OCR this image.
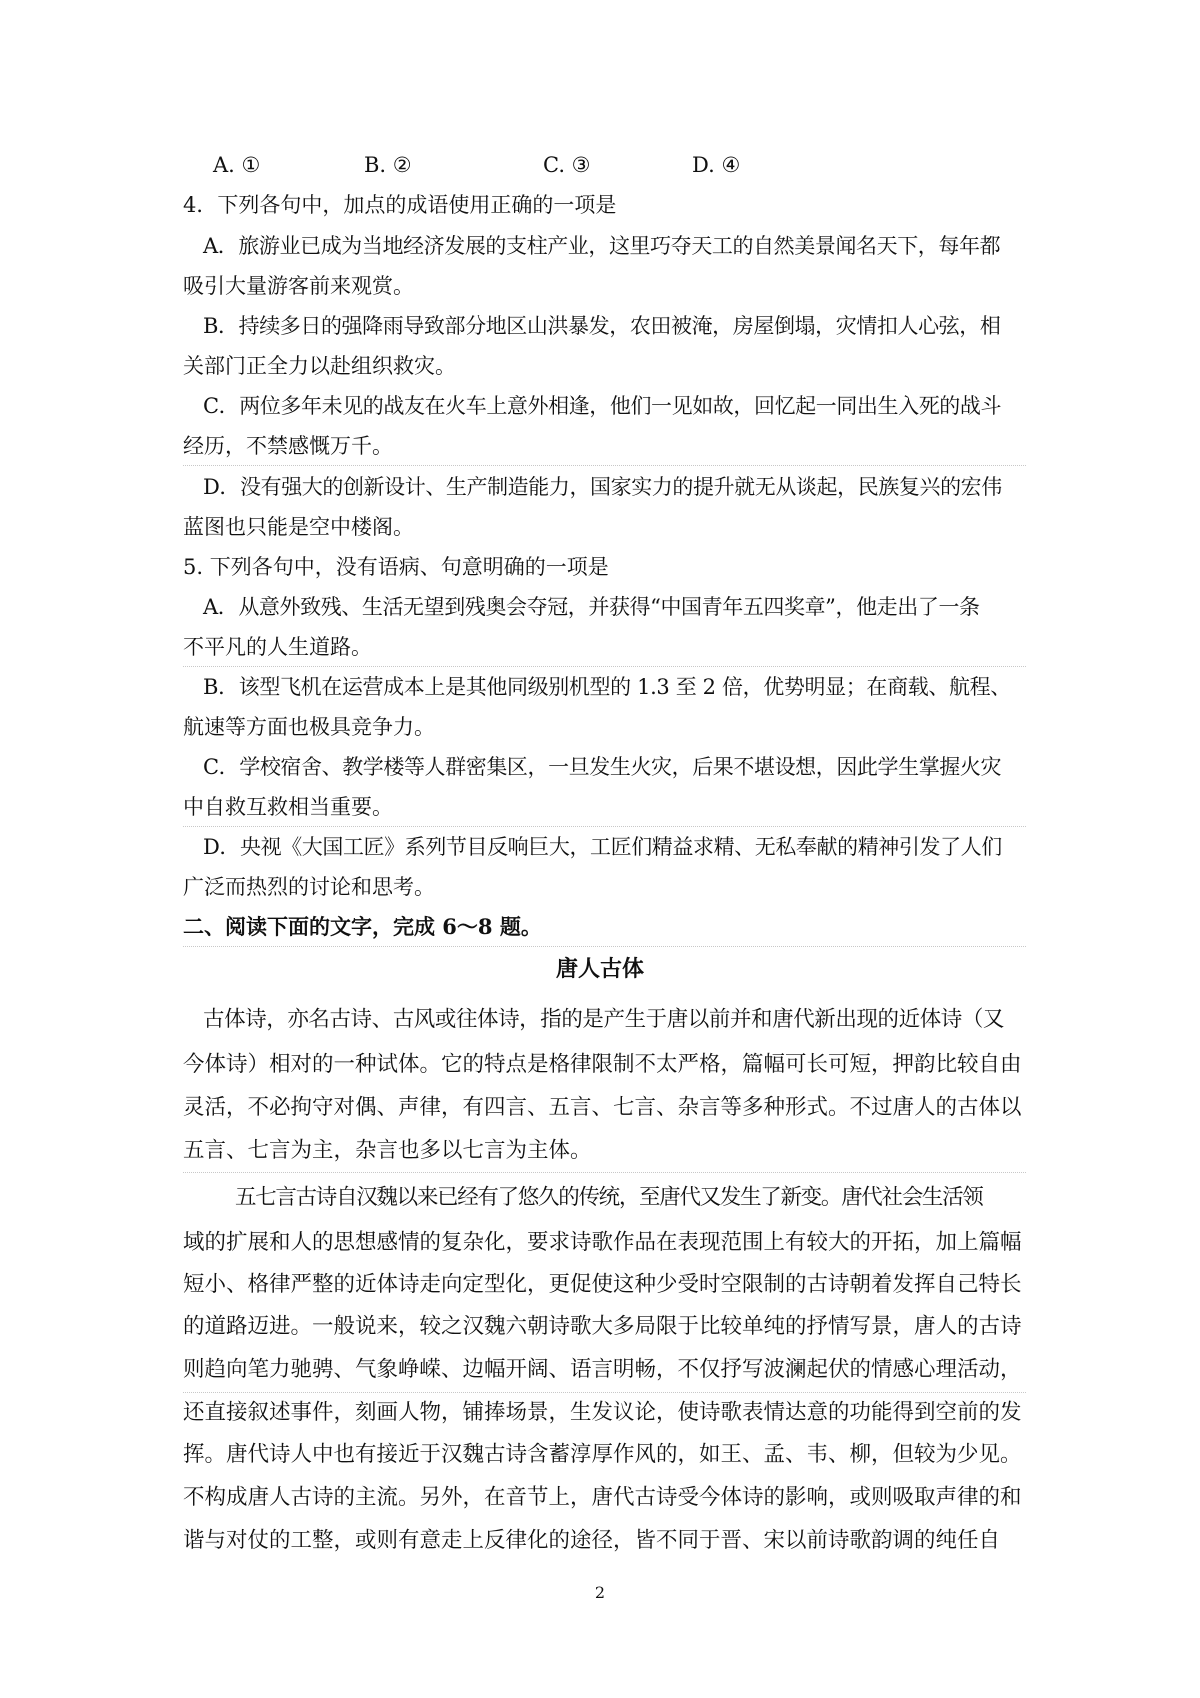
A. ①	B. ②	C. ③	D. ④

4．下列各句中，加点的成语使用正确的一项是

A．旅游业已成为当地经济发展的支柱产业，这里巧夺天工的自然美景闻名天下，每年都

吸引大量游客前来观赏。

B．持续多日的强降雨导致部分地区山洪暴发，农田被淹，房屋倒塌，灾情扣人心弦，相

关部门正全力以赴组织救灾。

C．两位多年未见的战友在火车上意外相逢，他们一见如故，回忆起一同出生入死的战斗

经历，不禁感慨万千。

D．没有强大的创新设计、生产制造能力，国家实力的提升就无从谈起，民族复兴的宏伟

蓝图也只能是空中楼阁。

5. 下列各句中，没有语病、句意明确的一项是

A．从意外致残、生活无望到残奥会夺冠，并获得“中国青年五四奖章”，他走出了一条

不平凡的人生道路。

B．该型飞机在运营成本上是其他同级别机型的 1.3 至 2 倍，优势明显；在商载、航程、

航速等方面也极具竞争力。

C．学校宿舍、教学楼等人群密集区，一旦发生火灾，后果不堪设想，因此学生掌握火灾

中自救互救相当重要。

D．央视《大国工匠》系列节目反响巨大，工匠们精益求精、无私奉献的精神引发了人们

广泛而热烈的讨论和思考。

二、阅读下面的文字，完成 6～8 题。

唐人古体

古体诗，亦名古诗、古风或往体诗，指的是产生于唐以前并和唐代新出现的近体诗（又

今体诗）相对的一种试体。它的特点是格律限制不太严格，篇幅可长可短，押韵比较自由

灵活，不必拘守对偶、声律，有四言、五言、七言、杂言等多种形式。不过唐人的古体以

五言、七言为主，杂言也多以七言为主体。

五七言古诗自汉魏以来已经有了悠久的传统，至唐代又发生了新变。唐代社会生活领

域的扩展和人的思想感情的复杂化，要求诗歌作品在表现范围上有较大的开拓，加上篇幅

短小、格律严整的近体诗走向定型化，更促使这种少受时空限制的古诗朝着发挥自己特长

的道路迈进。一般说来，较之汉魏六朝诗歌大多局限于比较单纯的抒情写景，唐人的古诗

则趋向笔力驰骋、气象峥嵘、边幅开阔、语言明畅，不仅抒写波澜起伏的情感心理活动，

还直接叙述事件，刻画人物，铺捧场景，生发议论，使诗歌表情达意的功能得到空前的发

挥。唐代诗人中也有接近于汉魏古诗含蓄淳厚作风的，如王、孟、韦、柳，但较为少见。

不构成唐人古诗的主流。另外，在音节上，唐代古诗受今体诗的影响，或则吸取声律的和

谐与对仗的工整，或则有意走上反律化的途径，皆不同于晋、宋以前诗歌韵调的纯任自

2
